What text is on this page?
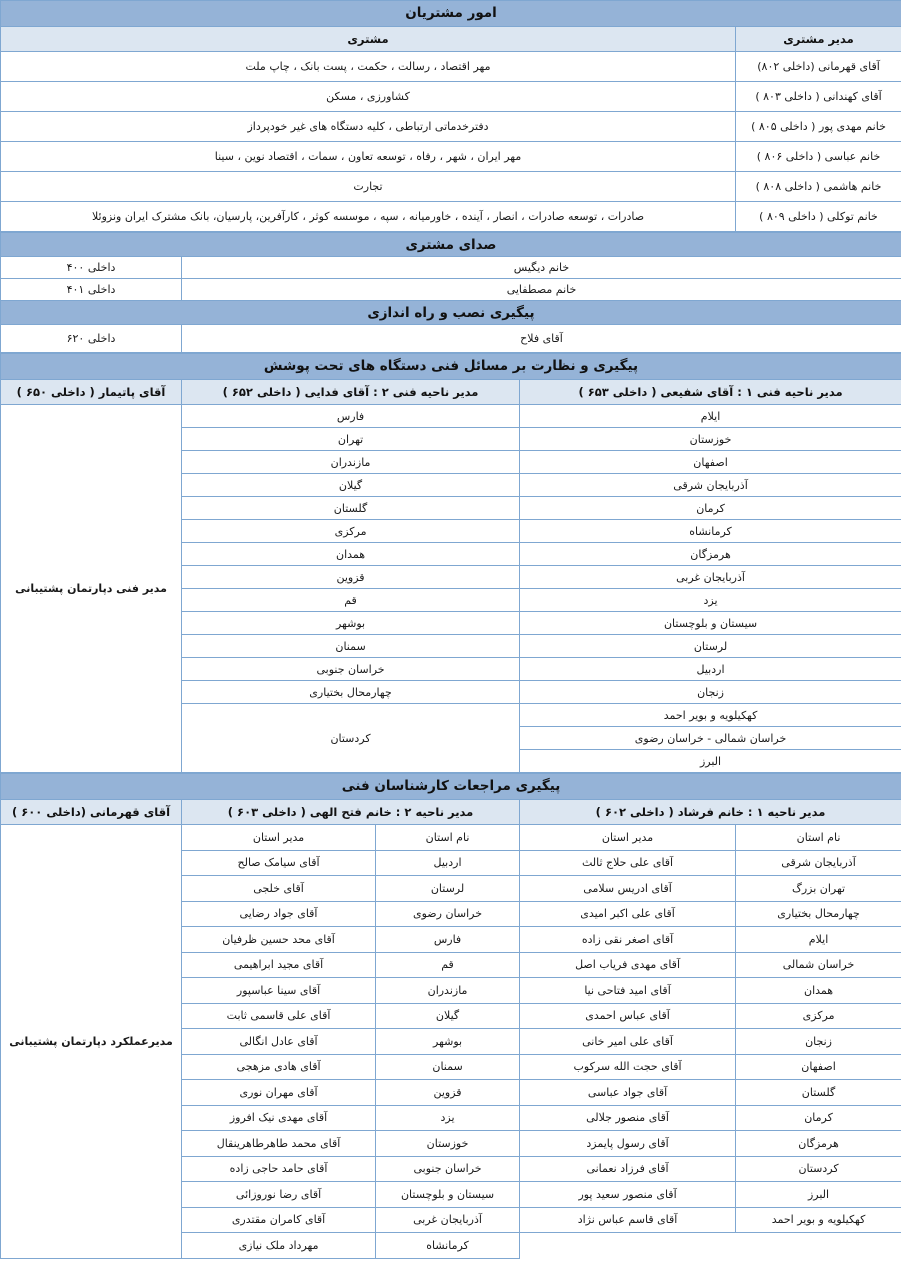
امور مشتریان	
مدیر مشتری	مشتری
آقای قهرمانی (داخلی ۸۰۲)	مهر اقتصاد ، رسالت ، حکمت ، پست بانک ، چاپ ملت
آقای کهندانی ( داخلی ۸۰۳ )	کشاورزی ، مسکن
خانم مهدی پور ( داخلی ۸۰۵ )	دفترخدماتی ارتباطی ، کلیه دستگاه های غیر خودپرداز
خانم عباسی ( داخلی ۸۰۶ )	مهر ایران ، شهر ، رفاه ، توسعه تعاون ، سمات ، اقتصاد نوین ، سینا
خانم هاشمی ( داخلی ۸۰۸ )	تجارت
خانم توکلی ( داخلی ۸۰۹ )	صادرات ، توسعه صادرات ، انصار ، آینده ، خاورمیانه ، سپه ، موسسه کوثر ، کارآفرین، پارسیان، بانک مشترک ایران ونزوئلا
صدای مشتری	
خانم دیگیس	داخلی ۴۰۰
خانم مصطفایی	داخلی ۴۰۱
پیگیری نصب و راه اندازی	
آقای فلاح	داخلی ۶۲۰
پیگیری و نظارت بر مسائل فنی دستگاه های تحت پوشش		
مدیر ناحیه فنی ۱ : آقای شفیعی ( داخلی ۶۵۳ )	مدیر ناحیه فنی ۲ : آقای فدایی ( داخلی ۶۵۲ )	آقای پاتیمار ( داخلی ۶۵۰ )
ایلام	فارس	مدیر فنی دپارتمان پشتیبانی
خوزستان	تهران	
اصفهان	مازندران	
آذربایجان شرقی	گیلان	
کرمان	گلستان	
کرمانشاه	مرکزی	
هرمزگان	همدان	
آذربایجان غربی	قزوین	
یزد	قم	
سیستان و بلوچستان	بوشهر	
لرستان	سمنان	
اردبیل	خراسان جنوبی	
زنجان	چهارمحال بختیاری	
کهکیلویه و بویر احمد	کردستان	
خراسان شمالی - خراسان رضوی		
البرز		
پیگیری مراجعات کارشناسان فنی				
مدیر ناحیه ۱ : خانم فرشاد ( داخلی ۶۰۲ )		مدیر ناحیه ۲ : خانم فتح الهی ( داخلی ۶۰۳ )		آقای قهرمانی (داخلی ۶۰۰ )
نام استان	مدیر استان	نام استان	مدیر استان	مدیرعملکرد دپارتمان پشتیبانی
آذربایجان شرقی	آقای علی حلاج ثالث	اردبیل	آقای سیامک صالح	
تهران بزرگ	آقای ادریس سلامی	لرستان	آقای خلجی	
چهارمحال بختیاری	آقای علی اکبر امیدی	خراسان رضوی	آقای جواد رضایی	
ایلام	آقای اصغر نقی زاده	فارس	آقای محد حسین ظرفیان	
خراسان شمالی	آقای مهدی فریاب اصل	قم	آقای مجید ابراهیمی	
همدان	آقای امید فتاحی نیا	مازندران	آقای سینا عباسپور	
مرکزی	آقای عباس احمدی	گیلان	آقای علی قاسمی ثابت	
زنجان	آقای علی امیر خانی	بوشهر	آقای عادل انگالی	
اصفهان	آقای حجت الله سرکوب	سمنان	آقای هادی مزهجی	
گلستان	آقای جواد عباسی	قزوین	آقای مهران نوری	
کرمان	آقای منصور جلالی	یزد	آقای مهدی نیک افروز	
هرمزگان	آقای رسول پایمزد	خوزستان	آقای محمد طاهرطاهرینقال	
کردستان	آقای فرزاد نعمانی	خراسان جنوبی	آقای حامد حاجی زاده	
البرز	آقای منصور سعید پور	سیستان و بلوچستان	آقای رضا نوروزائی	
کهکیلویه و بویر احمد	آقای قاسم عباس نژاد	آذربایجان غربی	آقای کامران مقتدری	
		کرمانشاه	مهرداد ملک نیازی	
